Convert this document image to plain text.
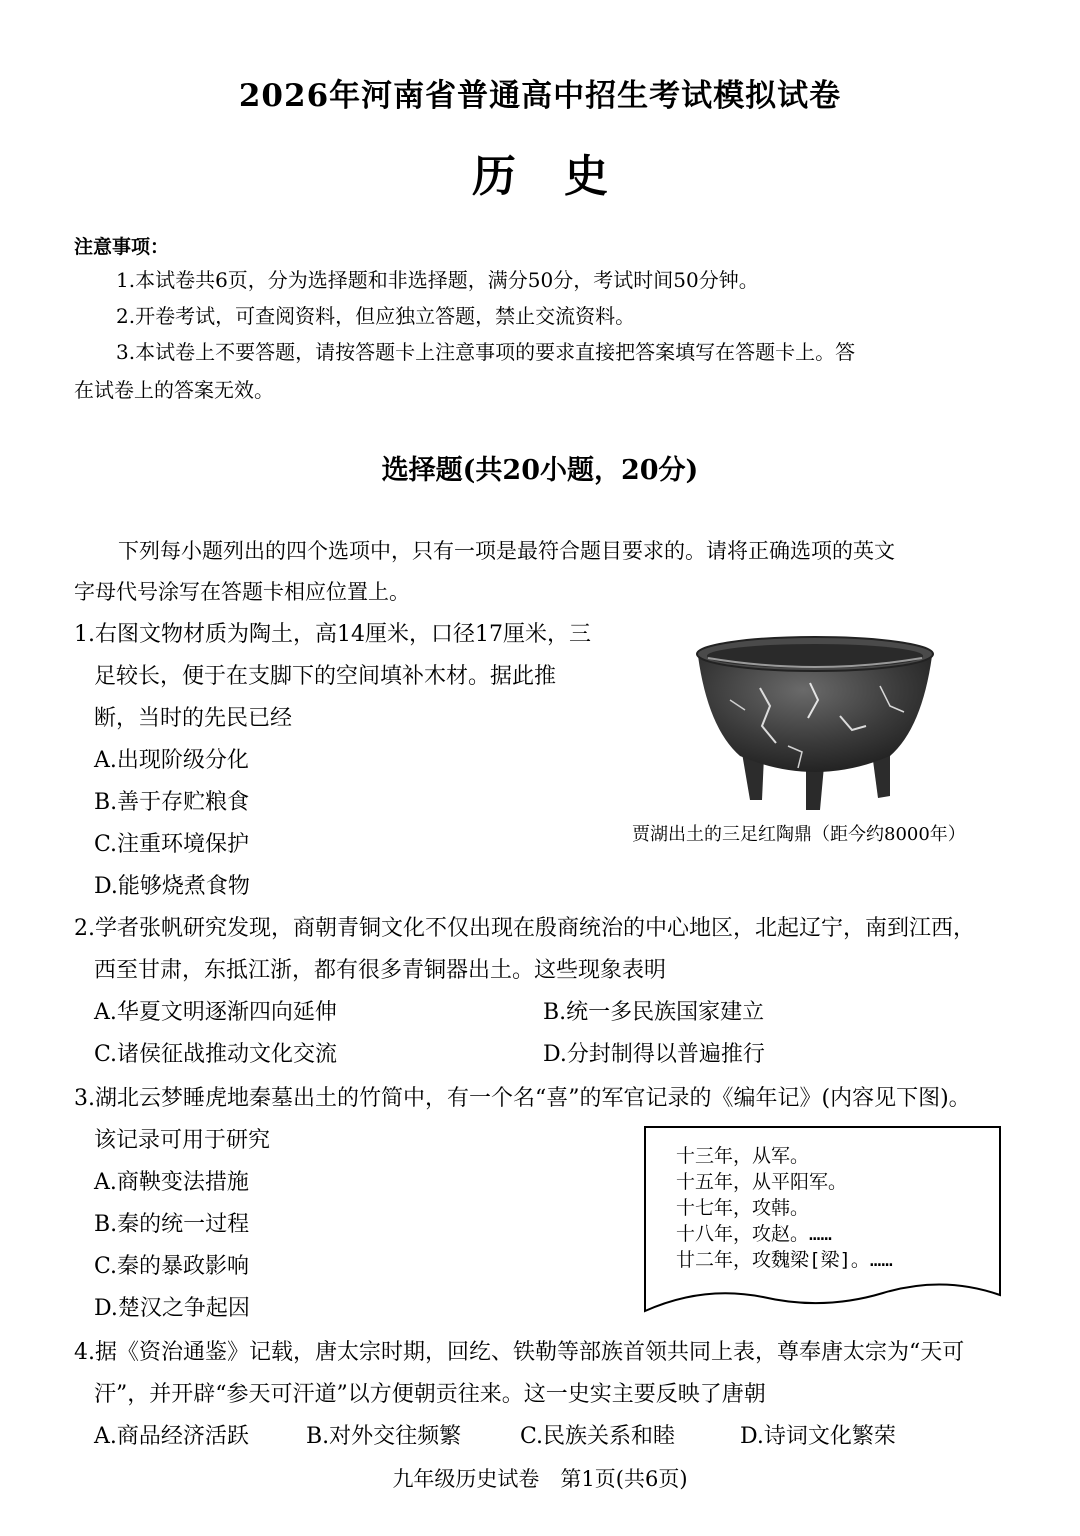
2026年河南省普通高中招生考试模拟试卷
历史
注意事项：
1.本试卷共6页，分为选择题和非选择题，满分50分，考试时间50分钟。
2.开卷考试，可查阅资料，但应独立答题，禁止交流资料。
3.本试卷上不要答题，请按答题卡上注意事项的要求直接把答案填写在答题卡上。答
在试卷上的答案无效。
选择题(共20小题，20分)
下列每小题列出的四个选项中，只有一项是最符合题目要求的。请将正确选项的英文
字母代号涂写在答题卡相应位置上。
1.右图文物材质为陶土，高14厘米，口径17厘米，三
足较长，便于在支脚下的空间填补木材。据此推
断，当时的先民已经
A.出现阶级分化
B.善于存贮粮食
C.注重环境保护
D.能够烧煮食物
贾湖出土的三足红陶鼎（距今约8000年）
2.学者张帆研究发现，商朝青铜文化不仅出现在殷商统治的中心地区，北起辽宁，南到江西，
西至甘肃，东抵江浙，都有很多青铜器出土。这些现象表明
A.华夏文明逐渐四向延伸	B.统一多民族国家建立
C.诸侯征战推动文化交流	D.分封制得以普遍推行
3.湖北云梦睡虎地秦墓出土的竹简中，有一个名“喜”的军官记录的《编年记》(内容见下图)。
该记录可用于研究
A.商鞅变法措施
B.秦的统一过程
C.秦的暴政影响
D.楚汉之争起因
十三年，从军。
十五年，从平阳军。
十七年，攻韩。
十八年，攻赵。……
廿二年，攻魏梁[梁]。……
4.据《资治通鉴》记载，唐太宗时期，回纥、铁勒等部族首领共同上表，尊奉唐太宗为“天可
汗”，并开辟“参天可汗道”以方便朝贡往来。这一史实主要反映了唐朝
A.商品经济活跃	B.对外交往频繁	C.民族关系和睦	D.诗词文化繁荣
九年级历史试卷　第1页(共6页)
